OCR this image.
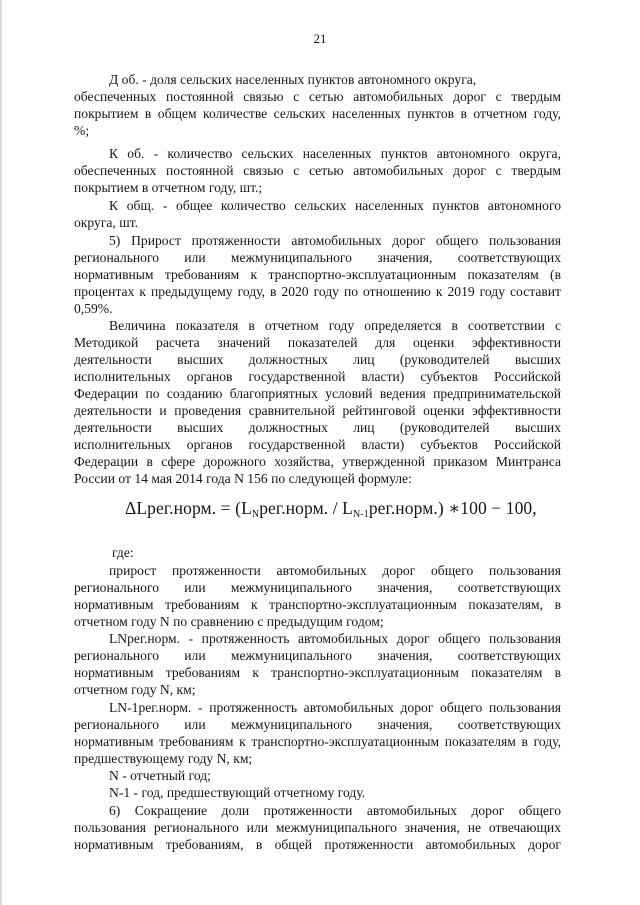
21
Д об. - доля сельских населенных пунктов автономного округа,
обеспеченных постоянной связью с сетью автомобильных дорог с твердым
покрытием в общем количестве сельских населенных пунктов в отчетном году,
%;
К об. - количество сельских населенных пунктов автономного округа,
обеспеченных постоянной связью с сетью автомобильных дорог с твердым
покрытием в отчетном году, шт.;
К общ. - общее количество сельских населенных пунктов автономного
округа, шт.
5) Прирост протяженности автомобильных дорог общего пользования
регионального или межмуниципального значения, соответствующих
нормативным требованиям к транспортно-эксплуатационным показателям (в
процентах к предыдущему году, в 2020 году по отношению к 2019 году составит
0,59%.
Величина показателя в отчетном году определяется в соответствии с
Методикой расчета значений показателей для оценки эффективности
деятельности высших должностных лиц (руководителей высших
исполнительных органов государственной власти) субъектов Российской
Федерации по созданию благоприятных условий ведения предпринимательской
деятельности и проведения сравнительной рейтинговой оценки эффективности
деятельности высших должностных лиц (руководителей высших
исполнительных органов государственной власти) субъектов Российской
Федерации в сфере дорожного хозяйства, утвержденной приказом Минтранса
России от 14 мая 2014 года N 156 по следующей формуле:
ΔLрег.норм. = ($L_Nрег.норм$. / $L_{N-1}рег.норм$.) ∗100 − 100,
где:
прирост протяженности автомобильных дорог общего пользования
регионального или межмуниципального значения, соответствующих
нормативным требованиям к транспортно-эксплуатационным показателям, в
отчетном году N по сравнению с предыдущим годом;
LNрег.норм. - протяженность автомобильных дорог общего пользования
регионального или межмуниципального значения, соответствующих
нормативным требованиям к транспортно-эксплуатационным показателям в
отчетном году N, км;
LN-1рег.норм. - протяженность автомобильных дорог общего пользования
регионального или межмуниципального значения, соответствующих
нормативным требованиям к транспортно-эксплуатационным показателям в году,
предшествующему году N, км;
N - отчетный год;
N-1 - год, предшествующий отчетному году.
6) Сокращение доли протяженности автомобильных дорог общего
пользования регионального или межмуниципального значения, не отвечающих
нормативным требованиям, в общей протяженности автомобильных дорог
